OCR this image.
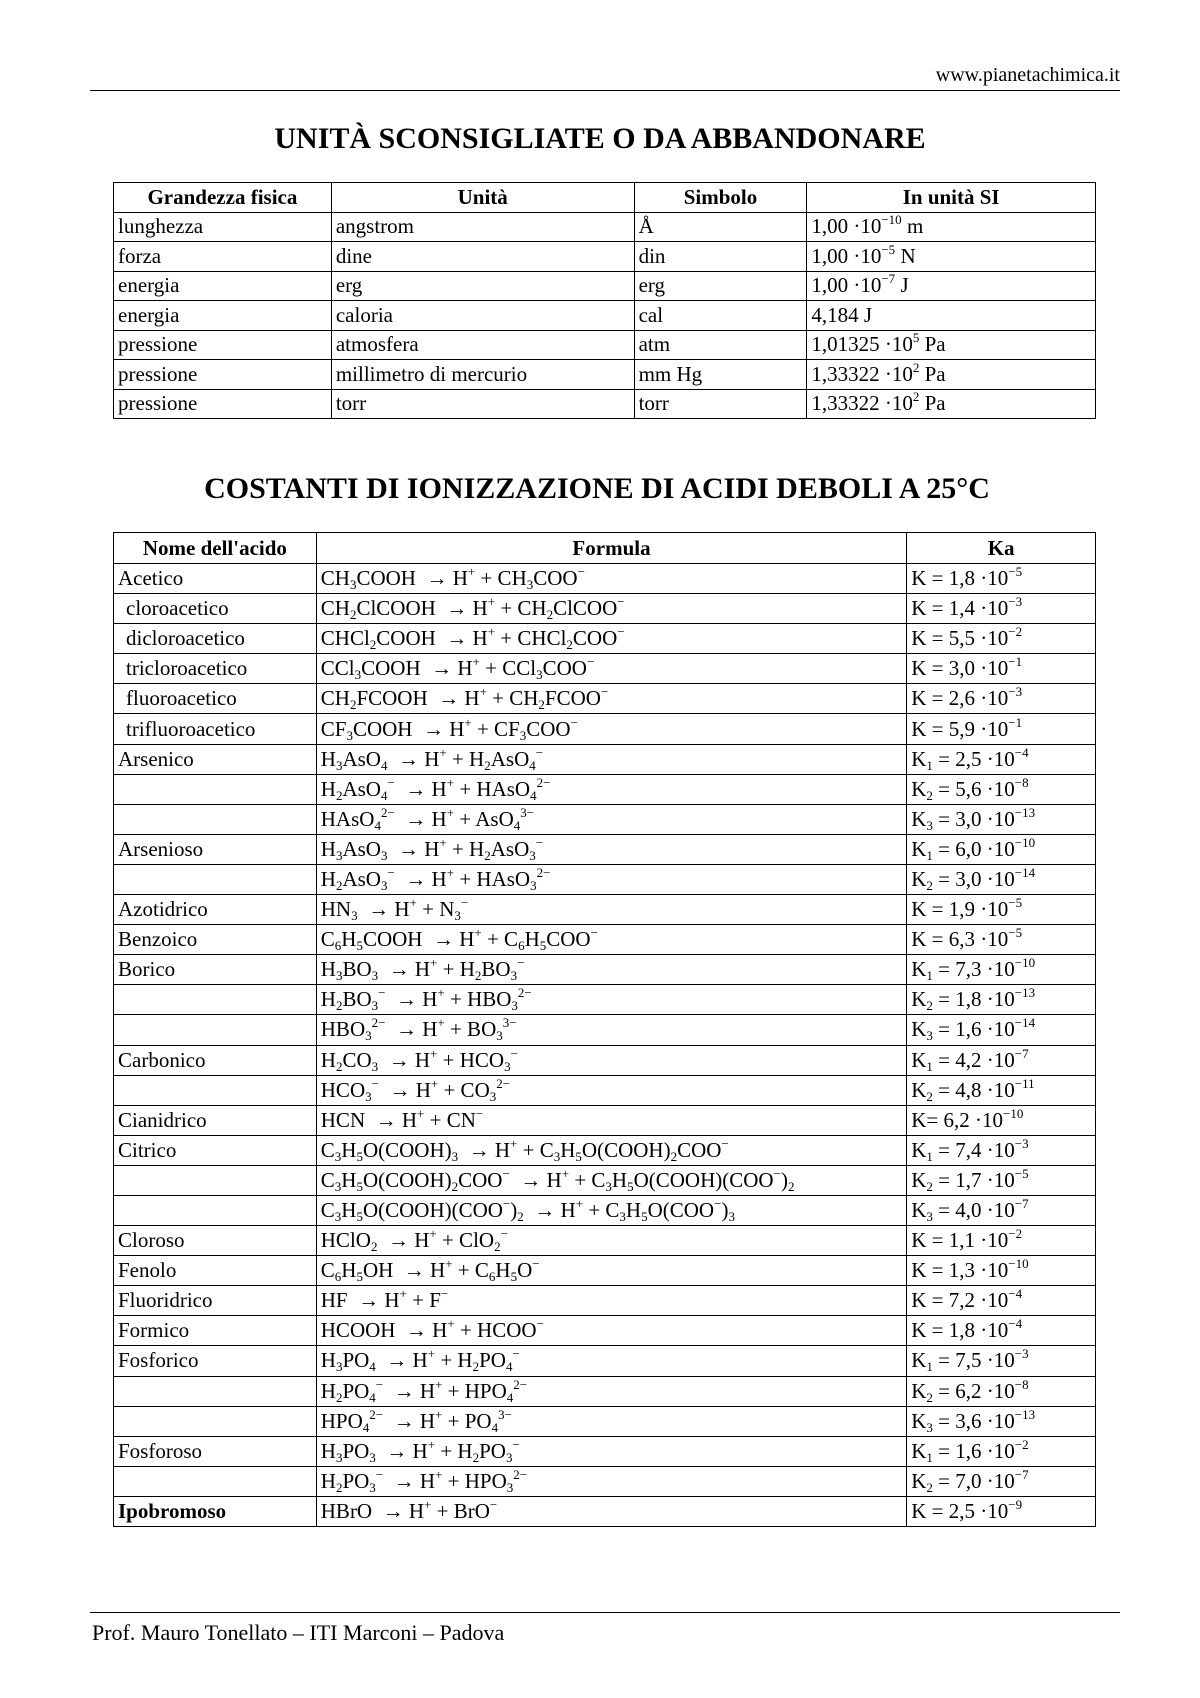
www.pianetachimica.it
UNITÀ SCONSIGLIATE O DA ABBANDONARE
Grandezza fisica	Unità	Simbolo	In unità SI
lunghezza	angstrom	Å	$1,00 \cdot 10^{-10}$ m
forza	dine	din	$1,00 \cdot 10^{-5}$ N
energia	erg	erg	$1,00 \cdot 10^{-7}$ J
energia	caloria	cal	4,184 J
pressione	atmosfera	atm	$1,01325 \cdot 10^5$ Pa
pressione	millimetro di mercurio	mm Hg	$1,33322 \cdot 10^2$ Pa
pressione	torr	torr	$1,33322 \cdot 10^2$ Pa
COSTANTI DI IONIZZAZIONE DI ACIDI DEBOLI A 25°C
Nome dell'acido	Formula	Ka
Acetico	$CH_3COOH \to H^+ + CH_3COO^-$	$K = 1,8 \cdot 10^{-5}$
cloroacetico	$CH_2ClCOOH \to H^+$ + $CH_2ClCOO^-$	$K = 1,4 \cdot 10^{-3}$
dicloroacetico	CHCl$_2$COOH  → H+ + CHCl$_2$COO−	$K = 5,5 \cdot 10^{-2}$
tricloroacetico	CCl$_3$COOH  → H+ + CCl$_3$COO−	$K = 3,0 \cdot 10^{-1}$
fluoroacetico	$CH_2FCOOH \to H^+$ + $CH_2FCOO^-$	$K = 2,6 \cdot 10^{-3}$
trifluoroacetico	$CF_3COOH \to H^+ + CF_3COO^-$	$K = 5,9 \cdot 10^{-1}$
Arsenico	$H_3AsO_4 \to H^+ + H_2AsO_4^-$	$K_1 = 2,5 \cdot 10^{-4}$
	$H_2AsO_4^- \to H^+$ + HAsO$_4^{2-}$	$K_2 = 5,6 \cdot 10^{-8}$
	HAsO$_4^{2-}$  → H+ + AsO$_4^{3-}$	$K_3 = 3,0 \cdot 10^{-13}$
Arsenioso	$H_3AsO_3 \to H^+ + H_2AsO_3^-$	$K_1 = 6,0 \cdot 10^{-10}$
	$H_2AsO_3^- \to H^+$ + HAsO$_3^{2-}$	$K_2 = 3,0 \cdot 10^{-14}$
Azotidrico	$HN_3 \to H^+ + N_3^-$	$K = 1,9 \cdot 10^{-5}$
Benzoico	$C_6H_5COOH \to H^+ + C_6H_5COO^-$	$K = 6,3 \cdot 10^{-5}$
Borico	$H_3BO_3 \to H^+ + H_2BO_3^-$	$K_1 = 7,3 \cdot 10^{-10}$
	$H_2BO_3^- \to H^+ + HBO_3^{2-}$	$K_2 = 1,8 \cdot 10^{-13}$
	$HBO_3^{2-} \to H^+ + BO_3^{3-}$	$K_3 = 1,6 \cdot 10^{-14}$
Carbonico	$H_2CO_3 \to H^+ + HCO_3^-$	$K_1 = 4,2 \cdot 10^{-7}$
	$HCO_3^- \to H^+ + CO_3^{2-}$	$K_2 = 4,8 \cdot 10^{-11}$
Cianidrico	HCN  → H+ + CN−	$K= 6,2 \cdot 10^{-10}$
Citrico	$C_3H_5O(COOH)_3 \to H^+$ + $C_3H_5O(COOH)_2COO^-$	$K_1 = 7,4 \cdot 10^{-3}$
	$C_3H_5O(COOH)_2COO^- \to H^+$ + $C_3H_5O(COOH)(COO^-)_2$	$K_2 = 1,7 \cdot 10^{-5}$
	$C_3H_5O(COOH)(COO^-)_2 \to H^+ + C_3H_5O(COO^-)_3$	$K_3 = 4,0 \cdot 10^{-7}$
Cloroso	HClO$_2$  → H+ + ClO$_2$−	$K = 1,1 \cdot 10^{-2}$
Fenolo	$C_6H_5OH \to H^+ + C_6H_5O^-$	$K = 1,3 \cdot 10^{-10}$
Fluoridrico	HF  → H+ + F−	$K = 7,2 \cdot 10^{-4}$
Formico	HCOOH  → H+ + HCOO−	$K = 1,8 \cdot 10^{-4}$
Fosforico	$H_3PO_4 \to H^+ + H_2PO_4^-$	$K_1 = 7,5 \cdot 10^{-3}$
	$H_2PO_4^- \to H^+ + HPO_4^{2-}$	$K_2 = 6,2 \cdot 10^{-8}$
	$HPO_4^{2-} \to H^+ + PO_4^{3-}$	$K_3 = 3,6 \cdot 10^{-13}$
Fosforoso	$H_3PO_3 \to H^+ + H_2PO_3^-$	$K_1 = 1,6 \cdot 10^{-2}$
	$H_2PO_3^- \to H^+ + HPO_3^{2-}$	$K_2 = 7,0 \cdot 10^{-7}$
Ipobromoso	HBrO  → H+ + BrO−	$K = 2,5 \cdot 10^{-9}$
Prof. Mauro Tonellato – ITI Marconi – Padova
